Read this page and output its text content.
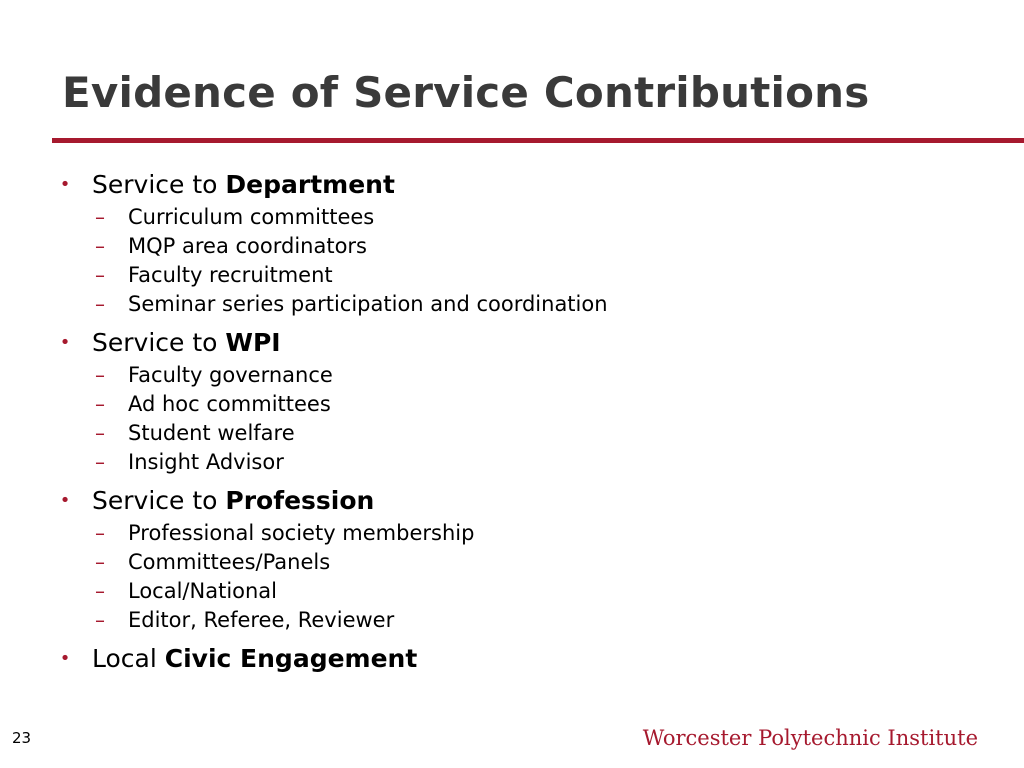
Evidence of Service Contributions
• Service to Department
– Curriculum committees
– MQP area coordinators
– Faculty recruitment
– Seminar series participation and coordination
• Service to WPI
– Faculty governance
– Ad hoc committees
– Student welfare
– Insight Advisor
• Service to Profession
– Professional society membership
– Committees/Panels
– Local/National
– Editor, Referee, Reviewer
• Local Civic Engagement
23	Worcester Polytechnic Institute
